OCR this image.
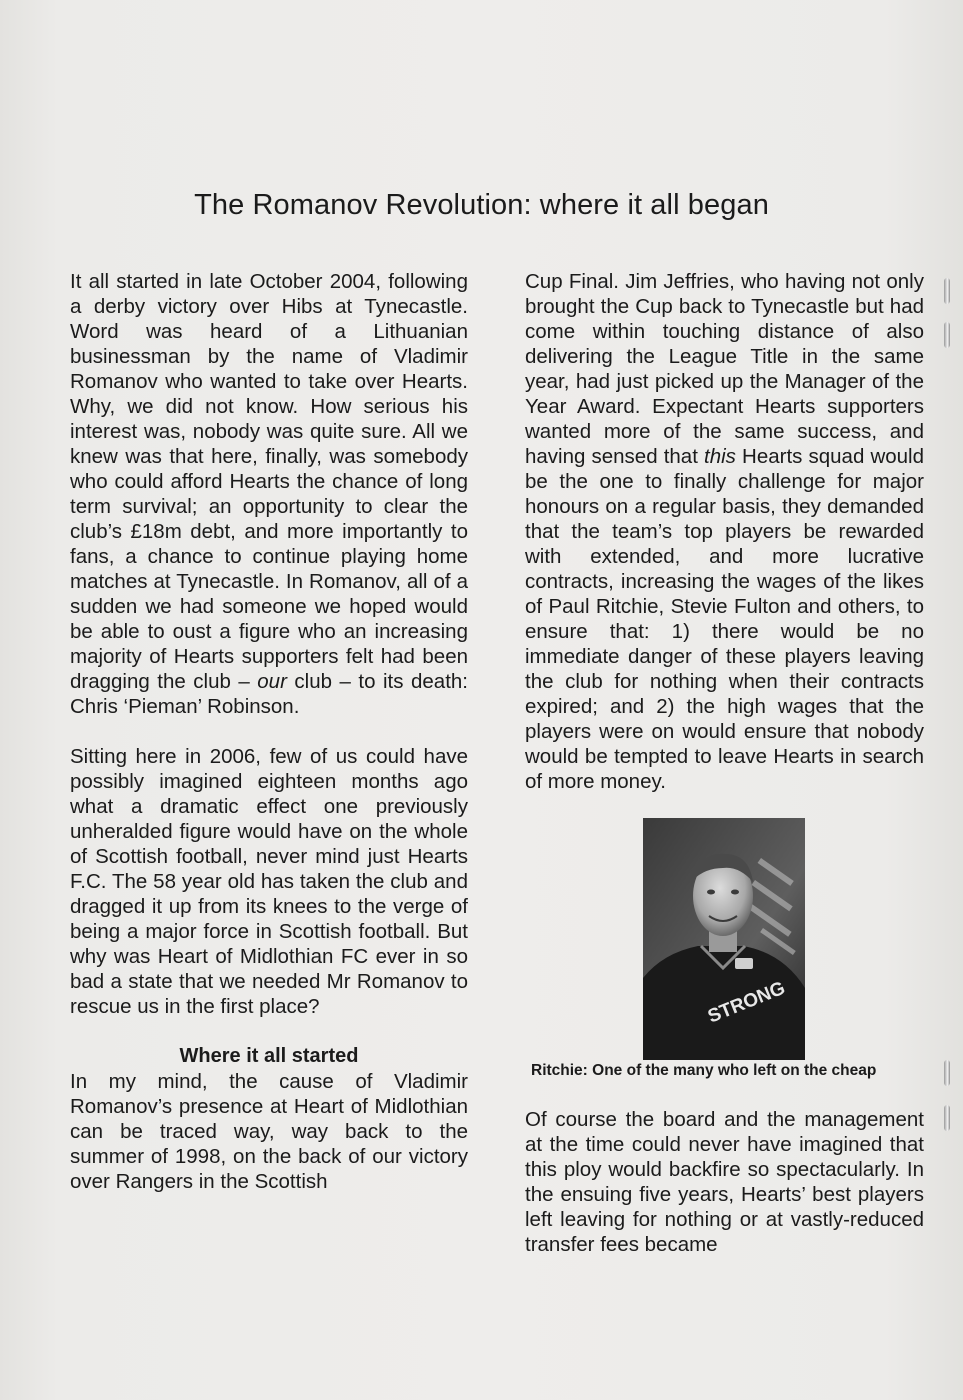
The Romanov Revolution: where it all began

It all started in late October 2004, following a derby victory over Hibs at Tynecastle. Word was heard of a Lithuanian businessman by the name of Vladimir Romanov who wanted to take over Hearts. Why, we did not know. How serious his interest was, nobody was quite sure. All we knew was that here, finally, was somebody who could afford Hearts the chance of long term survival; an opportunity to clear the club’s £18m debt, and more importantly to fans, a chance to continue playing home matches at Tynecastle. In Romanov, all of a sudden we had someone we hoped would be able to oust a figure who an increasing majority of Hearts supporters felt had been dragging the club – our club – to its death: Chris ‘Pieman’ Robinson.

Sitting here in 2006, few of us could have possibly imagined eighteen months ago what a dramatic effect one previously unheralded figure would have on the whole of Scottish football, never mind just Hearts F.C. The 58 year old has taken the club and dragged it up from its knees to the verge of being a major force in Scottish football. But why was Heart of Midlothian FC ever in so bad a state that we needed Mr Romanov to rescue us in the first place?

Where it all started

In my mind, the cause of Vladimir Romanov’s presence at Heart of Midlothian can be traced way, way back to the summer of 1998, on the back of our victory over Rangers in the Scottish

Cup Final. Jim Jeffries, who having not only brought the Cup back to Tynecastle but had come within touching distance of also delivering the League Title in the same year, had just picked up the Manager of the Year Award. Expectant Hearts supporters wanted more of the same success, and having sensed that this Hearts squad would be the one to finally challenge for major honours on a regular basis, they demanded that the team’s top players be rewarded with extended, and more lucrative contracts, increasing the wages of the likes of Paul Ritchie, Stevie Fulton and others, to ensure that: 1) there would be no immediate danger of these players leaving the club for nothing when their contracts expired; and 2) the high wages that the players were on would ensure that nobody would be tempted to leave Hearts in search of more money.

STRONG
Ritchie: One of the many who left on the cheap

Of course the board and the management at the time could never have imagined that this ploy would backfire so spectacularly. In the ensuing five years, Hearts’ best players left leaving for nothing or at vastly-reduced transfer fees became
